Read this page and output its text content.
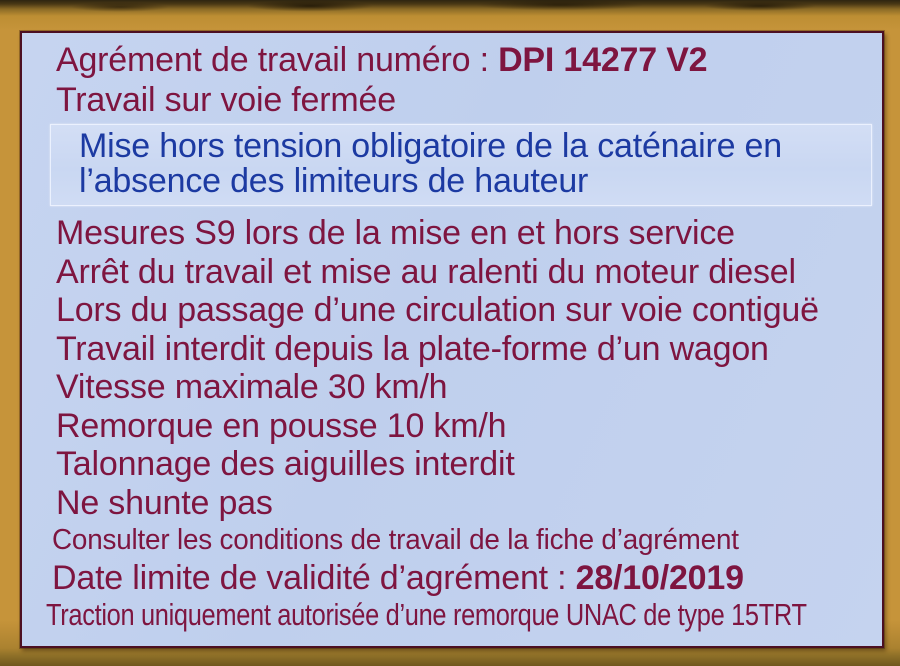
Agrément de travail numéro : DPI 14277 V2
Travail sur voie fermée
Mise hors tension obligatoire de la caténaire en
l’absence des limiteurs de hauteur
Mesures S9 lors de la mise en et hors service
Arrêt du travail et mise au ralenti du moteur diesel
Lors du passage d’une circulation sur voie contiguë
Travail interdit depuis la plate-forme d’un wagon
Vitesse maximale 30 km/h
Remorque en pousse 10 km/h
Talonnage des aiguilles interdit
Ne shunte pas
Consulter les conditions de travail de la fiche d’agrément
Date limite de validité d’agrément : 28/10/2019
Traction uniquement autorisée d’une remorque UNAC de type 15TRT
